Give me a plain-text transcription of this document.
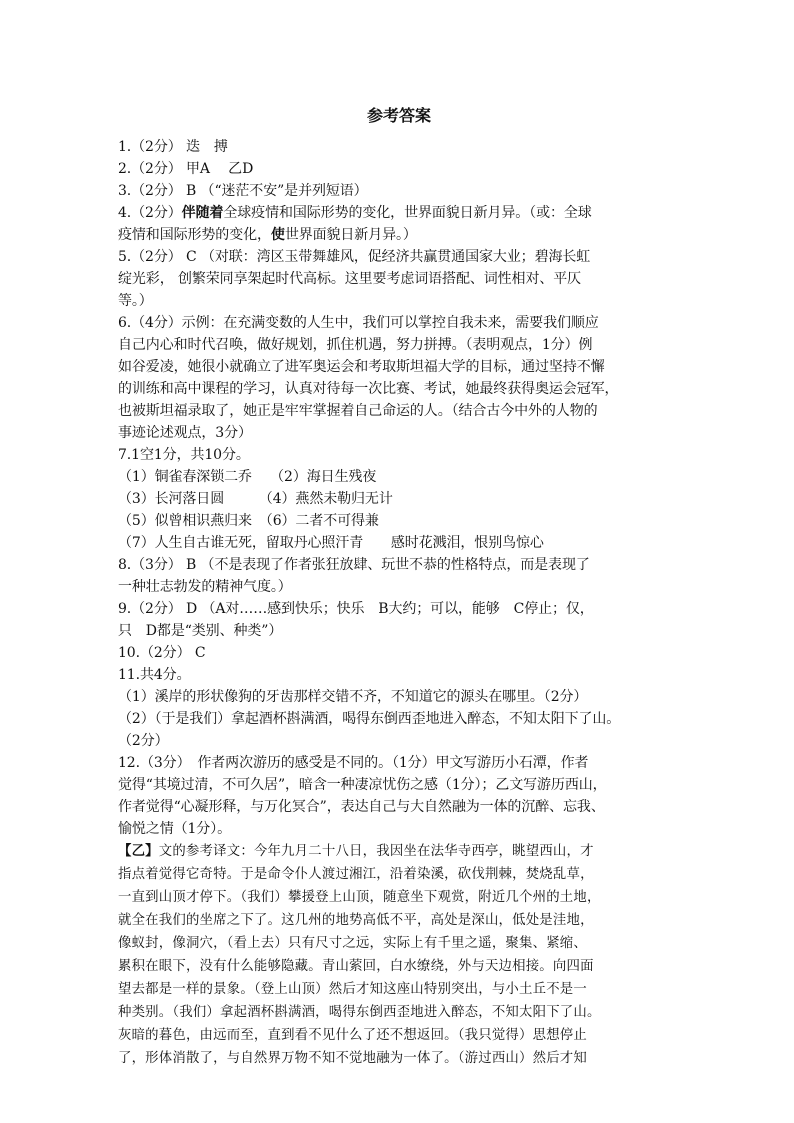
参考答案
1.（2分） 迭　搏
2.（2分） 甲A　 乙D
3.（2分） B （“迷茫不安”是并列短语）
4.（2分）伴随着全球疫情和国际形势的变化，世界面貌日新月异。（或：全球
疫情和国际形势的变化，使世界面貌日新月异。）
5.（2分） C （对联：湾区玉带舞雄风，促经济共赢贯通国家大业；碧海长虹
绽光彩， 创繁荣同享架起时代高标。这里要考虑词语搭配、词性相对、平仄
等。）
6.（4分）示例：在充满变数的人生中，我们可以掌控自我未来，需要我们顺应
自己内心和时代召唤，做好规划，抓住机遇，努力拼搏。（表明观点，1分）例
如谷爱凌，她很小就确立了进军奥运会和考取斯坦福大学的目标，通过坚持不懈
的训练和高中课程的学习，认真对待每一次比赛、考试，她最终获得奥运会冠军，
也被斯坦福录取了，她正是牢牢掌握着自己命运的人。（结合古今中外的人物的
事迹论述观点，3分）
7.1空1分，共10分。
（1）铜雀春深锁二乔　 （2）海日生残夜
（3）长河落日圆　　　（4）燕然未勒归无计
（5）似曾相识燕归来　（6）二者不可得兼
（7）人生自古谁无死，留取丹心照汗青　　感时花溅泪，恨别鸟惊心
8.（3分） B （不是表现了作者张狂放肆、玩世不恭的性格特点，而是表现了
一种壮志勃发的精神气度。）
9.（2分） D （A对……感到快乐；快乐　B大约；可以，能够　C停止；仅，
只　D都是“类别、种类”）
10.（2分） C
11.共4分。
（1）溪岸的形状像狗的牙齿那样交错不齐，不知道它的源头在哪里。（2分）
（2）（于是我们）拿起酒杯斟满酒，喝得东倒西歪地进入醉态，不知太阳下了山。
（2分）
12.（3分）　作者两次游历的感受是不同的。（1分）甲文写游历小石潭，作者
觉得“其境过清，不可久居”，暗含一种凄凉忧伤之感（1分）；乙文写游历西山，
作者觉得“心凝形释，与万化冥合”，表达自己与大自然融为一体的沉醉、忘我、
愉悦之情（1分）。
【乙】文的参考译文：今年九月二十八日，我因坐在法华寺西亭，眺望西山，才
指点着觉得它奇特。于是命令仆人渡过湘江，沿着染溪，砍伐荆棘，焚烧乱草，
一直到山顶才停下。（我们）攀援登上山顶，随意坐下观赏，附近几个州的土地，
就全在我们的坐席之下了。这几州的地势高低不平，高处是深山，低处是洼地，
像蚁封，像洞穴，（看上去）只有尺寸之远，实际上有千里之遥，聚集、紧缩、
累积在眼下，没有什么能够隐藏。青山萦回，白水缭绕，外与天边相接。向四面
望去都是一样的景象。（登上山顶）然后才知这座山特别突出，与小土丘不是一
种类别。（我们）拿起酒杯斟满酒，喝得东倒西歪地进入醉态，不知太阳下了山。
灰暗的暮色，由远而至，直到看不见什么了还不想返回。（我只觉得）思想停止
了，形体消散了，与自然界万物不知不觉地融为一体了。（游过西山）然后才知
